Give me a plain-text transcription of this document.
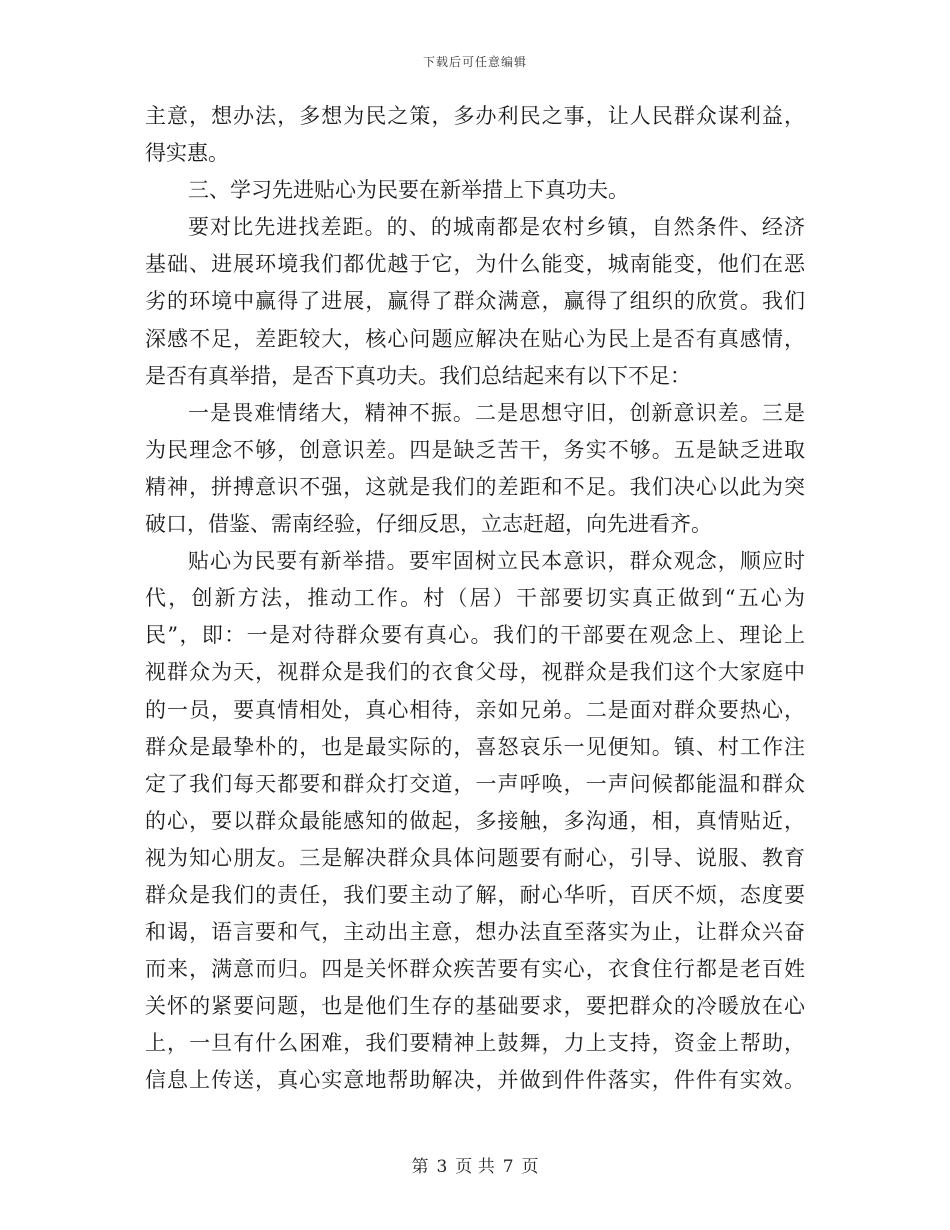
下载后可任意编辑
主意，想办法，多想为民之策，多办利民之事，让人民群众谋利益，
得实惠。
三、学习先进贴心为民要在新举措上下真功夫。
要对比先进找差距。的、的城南都是农村乡镇，自然条件、经济
基础、进展环境我们都优越于它，为什么能变，城南能变，他们在恶
劣的环境中赢得了进展，赢得了群众满意，赢得了组织的欣赏。我们
深感不足，差距较大，核心问题应解决在贴心为民上是否有真感情，
是否有真举措，是否下真功夫。我们总结起来有以下不足：
一是畏难情绪大，精神不振。二是思想守旧，创新意识差。三是
为民理念不够，创意识差。四是缺乏苦干，务实不够。五是缺乏进取
精神，拼搏意识不强，这就是我们的差距和不足。我们决心以此为突
破口，借鉴、需南经验，仔细反思，立志赶超，向先进看齐。
贴心为民要有新举措。要牢固树立民本意识，群众观念，顺应时
代，创新方法，推动工作。村（居）干部要切实真正做到“五心为
民”，即：一是对待群众要有真心。我们的干部要在观念上、理论上
视群众为天，视群众是我们的衣食父母，视群众是我们这个大家庭中
的一员，要真情相处，真心相待，亲如兄弟。二是面对群众要热心，
群众是最挚朴的，也是最实际的，喜怒哀乐一见便知。镇、村工作注
定了我们每天都要和群众打交道，一声呼唤，一声问候都能温和群众
的心，要以群众最能感知的做起，多接触，多沟通，相，真情贴近，
视为知心朋友。三是解决群众具体问题要有耐心，引导、说服、教育
群众是我们的责任，我们要主动了解，耐心华听，百厌不烦，态度要
和谒，语言要和气，主动出主意，想办法直至落实为止，让群众兴奋
而来，满意而归。四是关怀群众疾苦要有实心，衣食住行都是老百姓
关怀的紧要问题，也是他们生存的基础要求，要把群众的冷暖放在心
上，一旦有什么困难，我们要精神上鼓舞，力上支持，资金上帮助，
信息上传送，真心实意地帮助解决，并做到件件落实，件件有实效。
第 3 页 共 7 页
